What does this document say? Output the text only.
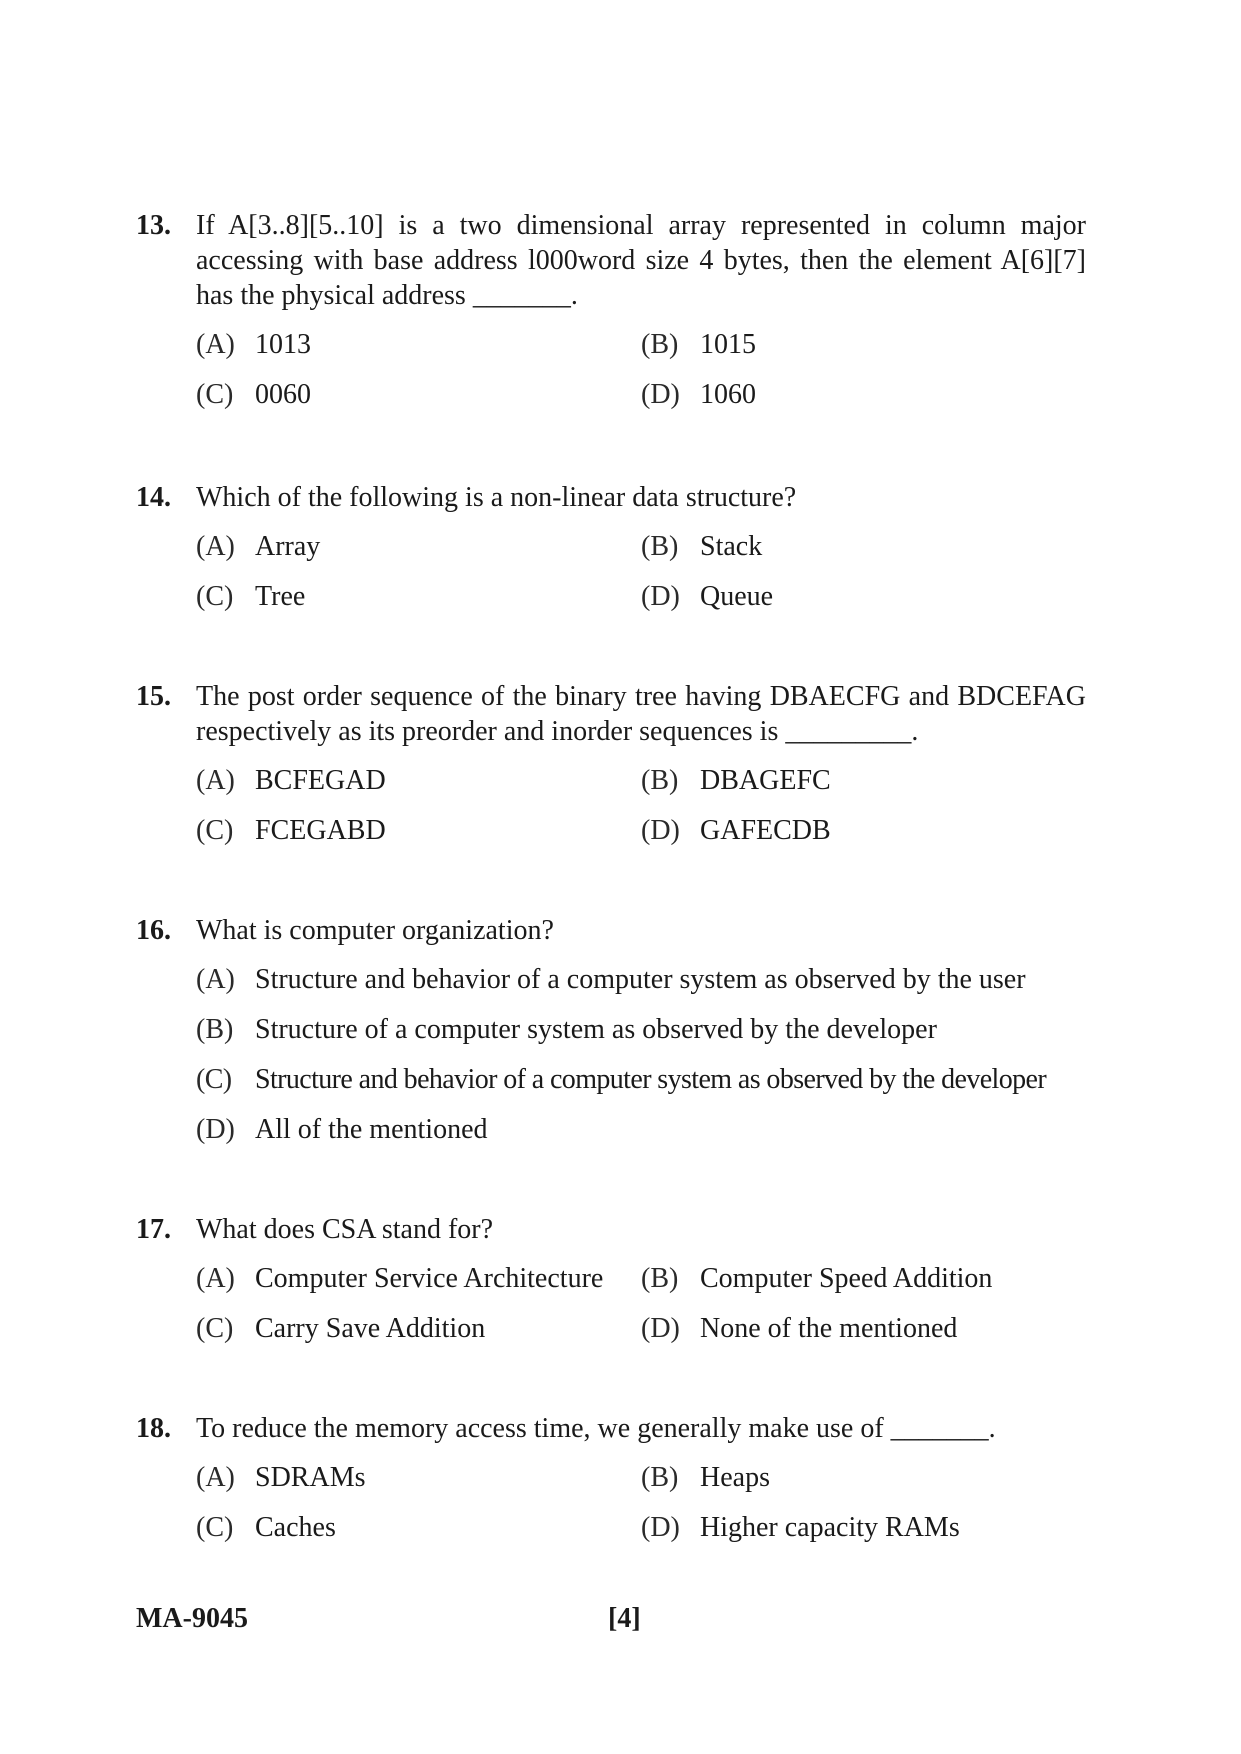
13. If A[3..8][5..10] is a two dimensional array represented in column major accessing with base address l000word size 4 bytes, then the element A[6][7] has the physical address _______.
(A) 1013	(B) 1015
(C) 0060	(D) 1060
14. Which of the following is a non-linear data structure?
(A) Array	(B) Stack
(C) Tree	(D) Queue
15. The post order sequence of the binary tree having DBAECFG and BDCEFAG respectively as its preorder and inorder sequences is _________.
(A) BCFEGAD	(B) DBAGEFC
(C) FCEGABD	(D) GAFECDB
16. What is computer organization?
(A) Structure and behavior of a computer system as observed by the user
(B) Structure of a computer system as observed by the developer
(C) Structure and behavior of a computer system as observed by the developer
(D) All of the mentioned
17. What does CSA stand for?
(A) Computer Service Architecture (B) Computer Speed Addition
(C) Carry Save Addition	(D) None of the mentioned
18. To reduce the memory access time, we generally make use of _______.
(A) SDRAMs	(B) Heaps
(C) Caches	(D) Higher capacity RAMs
MA-9045	[4]
